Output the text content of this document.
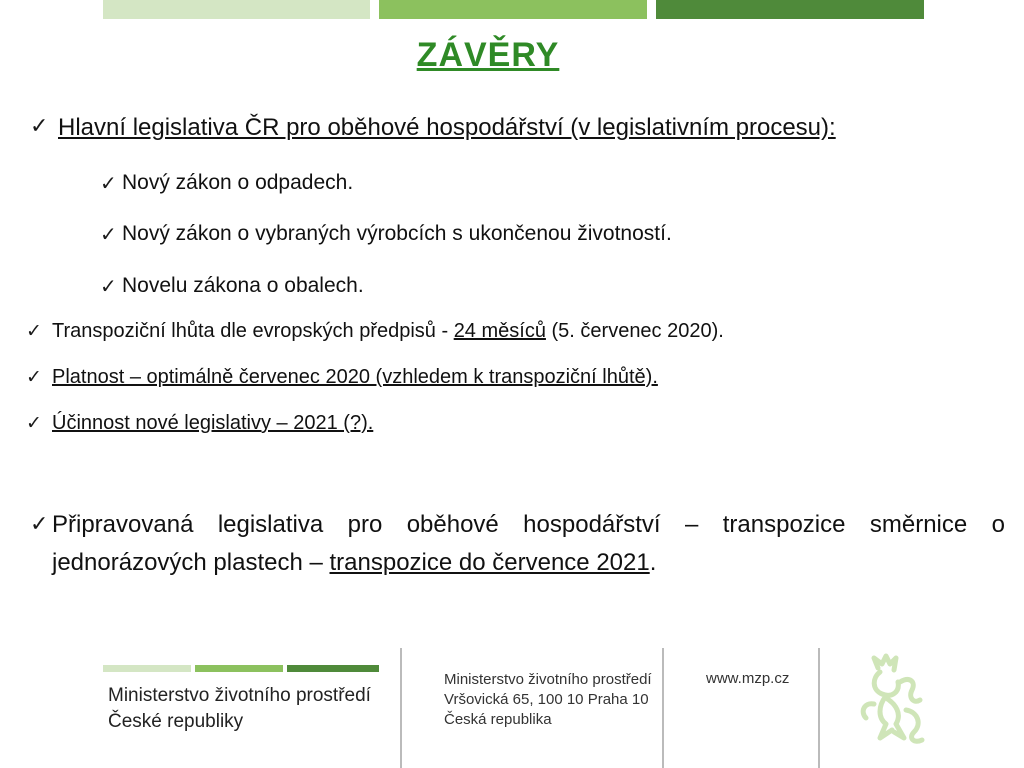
ZÁVĚRY
✓ Hlavní legislativa ČR pro oběhové hospodářství (v legislativním procesu):
✓ Nový zákon o odpadech.
✓ Nový zákon o vybraných výrobcích s ukončenou životností.
✓ Novelu zákona o obalech.
✓ Transpoziční lhůta dle evropských předpisů - 24 měsíců (5. červenec 2020).
✓ Platnost – optimálně červenec 2020 (vzhledem k transpoziční lhůtě).
✓ Účinnost nové legislativy – 2021 (?).
✓ Připravovaná legislativa pro oběhové hospodářství – transpozice směrnice o jednorázových plastech – transpozice do července 2021.
Ministerstvo životního prostředí
České republiky
Ministerstvo životního prostředí
Vršovická 65, 100 10 Praha 10
Česká republika
www.mzp.cz
